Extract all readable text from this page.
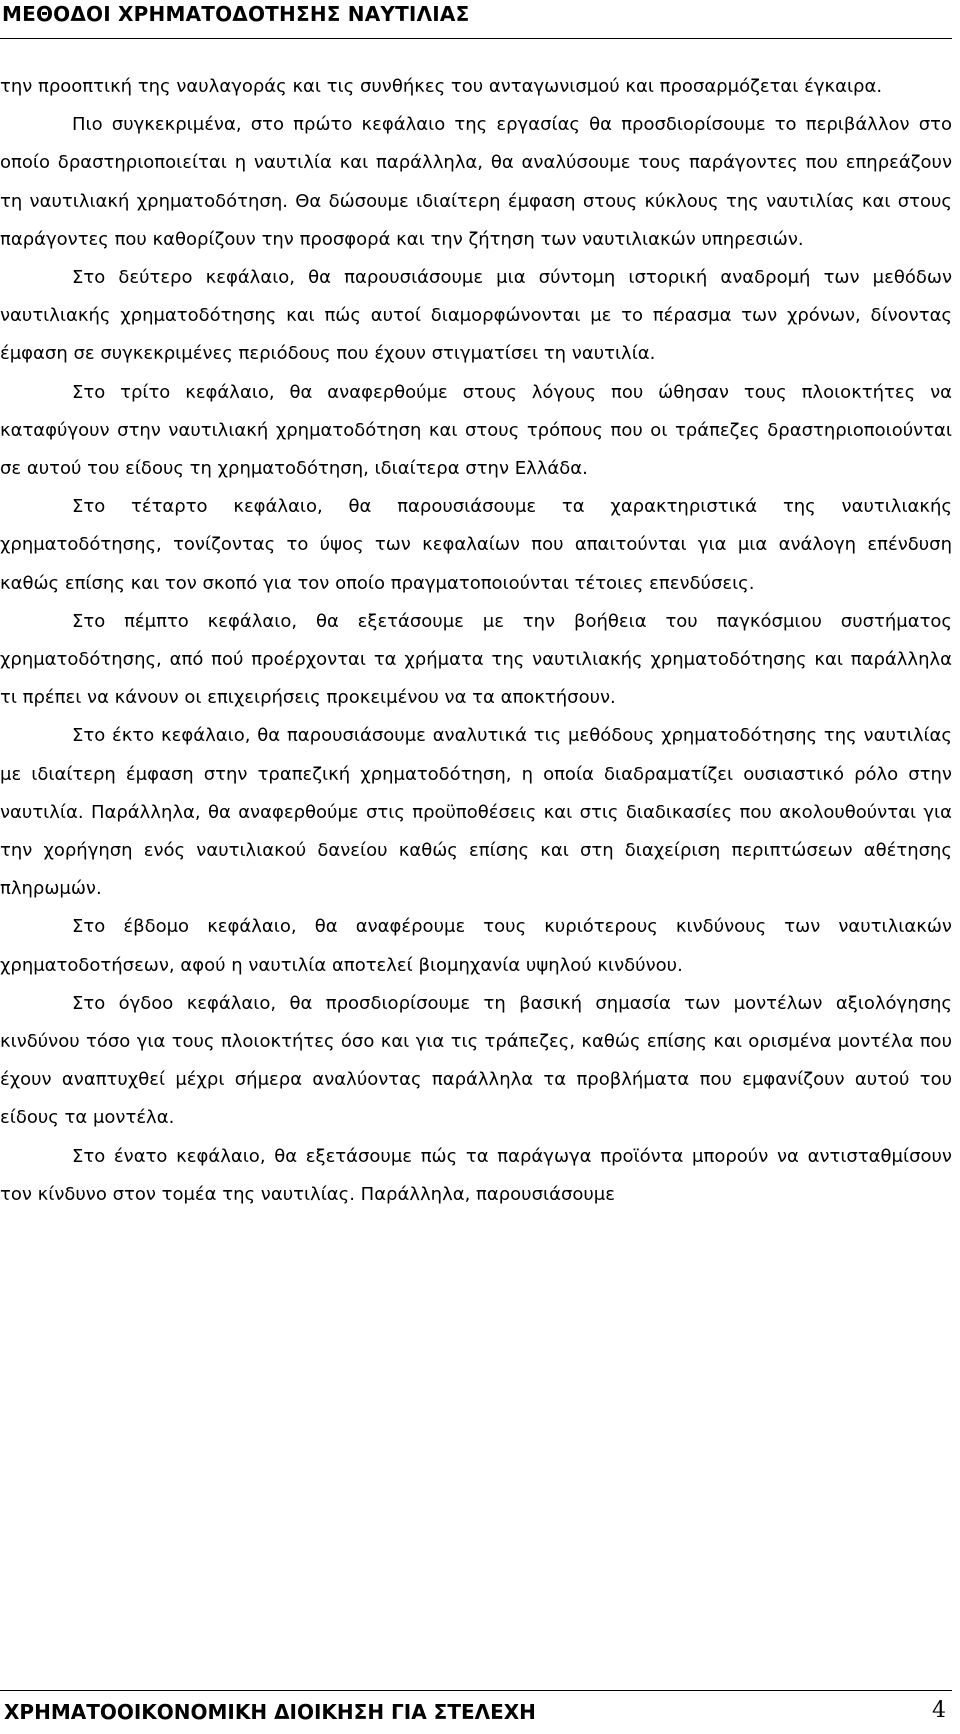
ΜΕΘΟΔΟΙ ΧΡΗΜΑΤΟΔΟΤΗΣΗΣ ΝΑΥΤΙΛΙΑΣ

την προοπτική της ναυλαγοράς και τις συνθήκες του ανταγωνισμού και προσαρμόζεται έγκαιρα.

Πιο συγκεκριμένα, στο πρώτο κεφάλαιο της εργασίας θα προσδιορίσουμε το περιβάλλον στο οποίο δραστηριοποιείται η ναυτιλία και παράλληλα, θα αναλύσουμε τους παράγοντες που επηρεάζουν τη ναυτιλιακή χρηματοδότηση. Θα δώσουμε ιδιαίτερη έμφαση στους κύκλους της ναυτιλίας και στους παράγοντες που καθορίζουν την προσφορά και την ζήτηση των ναυτιλιακών υπηρεσιών.

Στο δεύτερο κεφάλαιο, θα παρουσιάσουμε μια σύντομη ιστορική αναδρομή των μεθόδων ναυτιλιακής χρηματοδότησης και πώς αυτοί διαμορφώνονται με το πέρασμα των χρόνων, δίνοντας έμφαση σε συγκεκριμένες περιόδους που έχουν στιγματίσει τη ναυτιλία.

Στο τρίτο κεφάλαιο, θα αναφερθούμε στους λόγους που ώθησαν τους πλοιοκτήτες να καταφύγουν στην ναυτιλιακή χρηματοδότηση και στους τρόπους που οι τράπεζες δραστηριοποιούνται σε αυτού του είδους τη χρηματοδότηση, ιδιαίτερα στην Ελλάδα.

Στο τέταρτο κεφάλαιο, θα παρουσιάσουμε τα χαρακτηριστικά της ναυτιλιακής χρηματοδότησης, τονίζοντας το ύψος των κεφαλαίων που απαιτούνται για μια ανάλογη επένδυση καθώς επίσης και τον σκοπό για τον οποίο πραγματοποιούνται τέτοιες επενδύσεις.

Στο πέμπτο κεφάλαιο, θα εξετάσουμε με την βοήθεια του παγκόσμιου συστήματος χρηματοδότησης, από πού προέρχονται τα χρήματα της ναυτιλιακής χρηματοδότησης και παράλληλα τι πρέπει να κάνουν οι επιχειρήσεις προκειμένου να τα αποκτήσουν.

Στο έκτο κεφάλαιο, θα παρουσιάσουμε αναλυτικά τις μεθόδους χρηματοδότησης της ναυτιλίας με ιδιαίτερη έμφαση στην τραπεζική χρηματοδότηση, η οποία διαδραματίζει ουσιαστικό ρόλο στην ναυτιλία. Παράλληλα, θα αναφερθούμε στις προϋποθέσεις και στις διαδικασίες που ακολουθούνται για την χορήγηση ενός ναυτιλιακού δανείου καθώς επίσης και στη διαχείριση περιπτώσεων αθέτησης πληρωμών.

Στο έβδομο κεφάλαιο, θα αναφέρουμε τους κυριότερους κινδύνους των ναυτιλιακών χρηματοδοτήσεων, αφού η ναυτιλία αποτελεί βιομηχανία υψηλού κινδύνου.

Στο όγδοο κεφάλαιο, θα προσδιορίσουμε τη βασική σημασία των μοντέλων αξιολόγησης κινδύνου τόσο για τους πλοιοκτήτες όσο και για τις τράπεζες, καθώς επίσης και ορισμένα μοντέλα που έχουν αναπτυχθεί μέχρι σήμερα αναλύοντας παράλληλα τα προβλήματα που εμφανίζουν αυτού του είδους τα μοντέλα.

Στο ένατο κεφάλαιο, θα εξετάσουμε πώς τα παράγωγα προϊόντα μπορούν να αντισταθμίσουν τον κίνδυνο στον τομέα της ναυτιλίας. Παράλληλα, παρουσιάσουμε

ΧΡΗΜΑΤΟΟΙΚΟΝΟΜΙΚΗ ΔΙΟΙΚΗΣΗ ΓΙΑ ΣΤΕΛΕΧΗ	4
